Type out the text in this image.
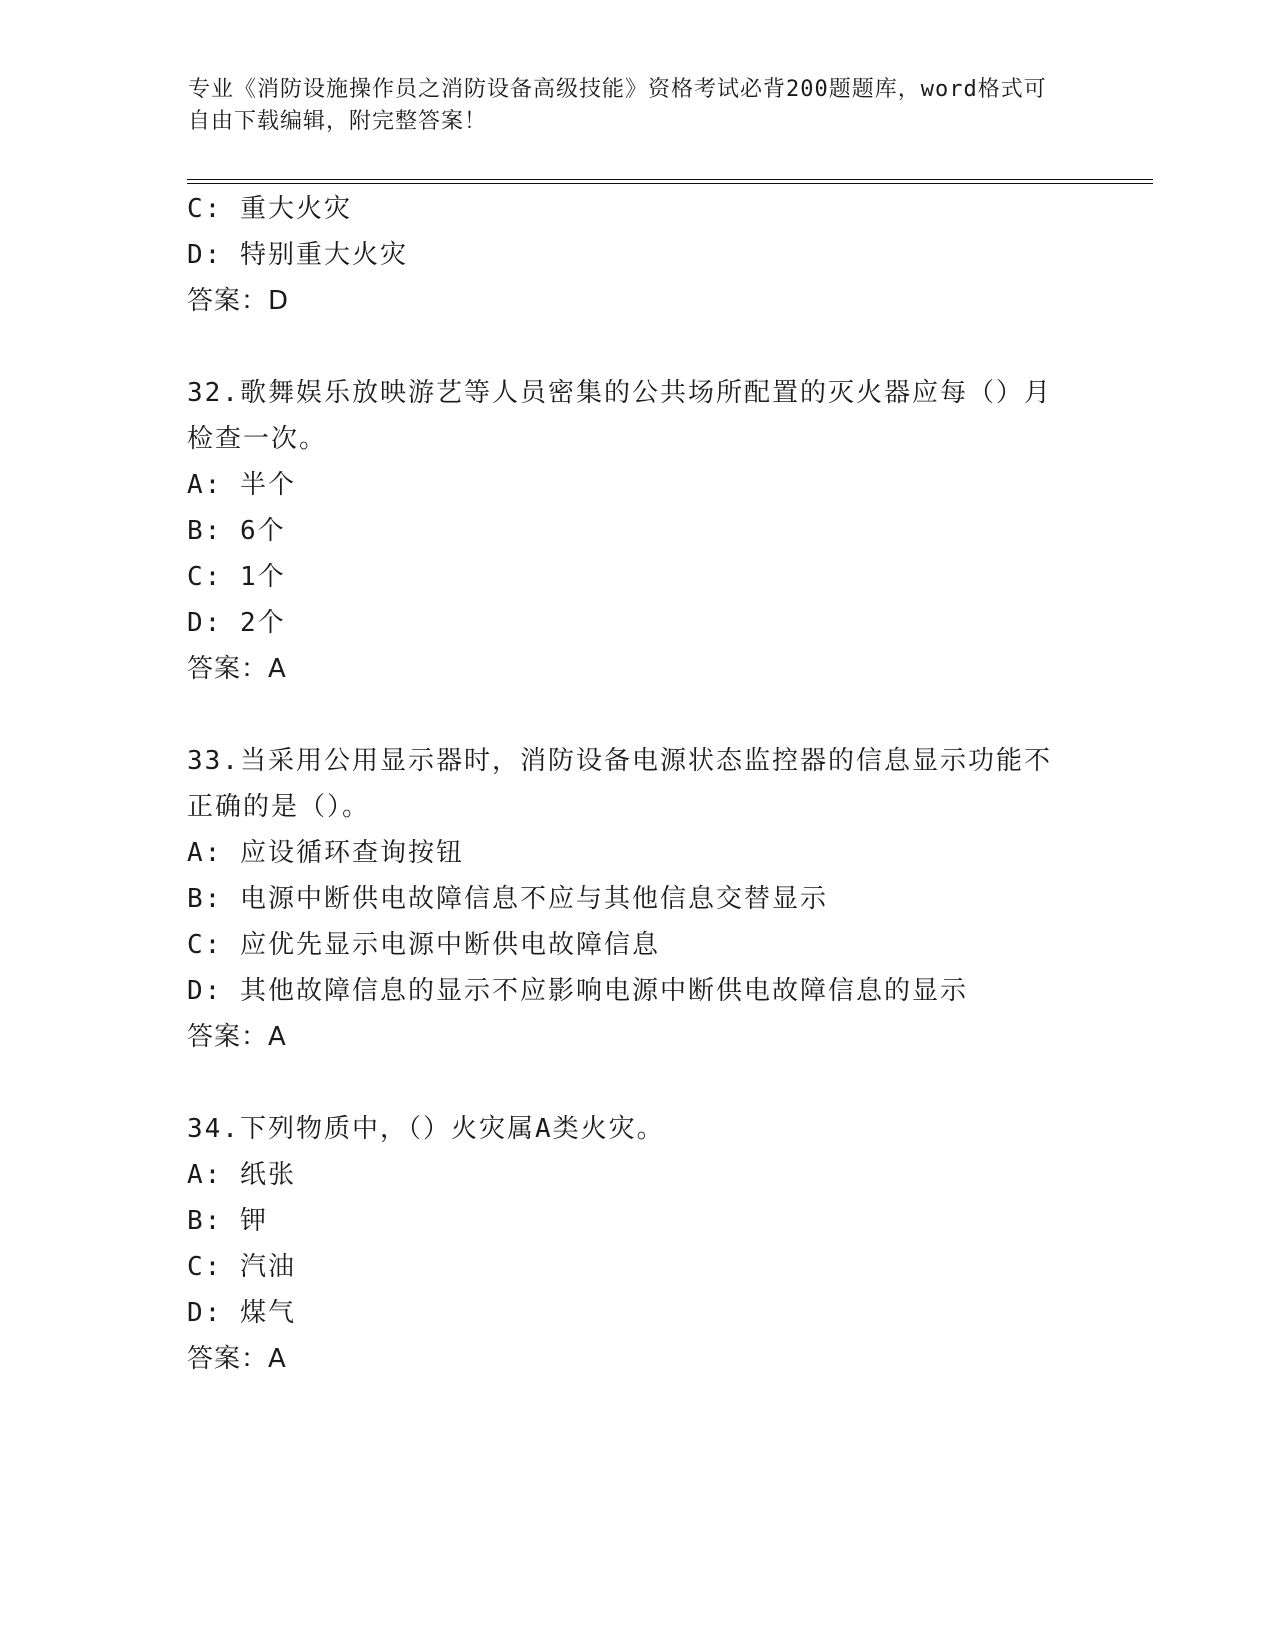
专业《消防设施操作员之消防设备高级技能》资格考试必背200题题库，word格式可自由下载编辑，附完整答案！
C: 重大火灾
D: 特别重大火灾
答案：D
32.歌舞娱乐放映游艺等人员密集的公共场所配置的灭火器应每（）月
检查一次。
A: 半个
B: 6个
C: 1个
D: 2个
答案：A
33.当采用公用显示器时，消防设备电源状态监控器的信息显示功能不
正确的是（）。
A: 应设循环查询按钮
B: 电源中断供电故障信息不应与其他信息交替显示
C: 应优先显示电源中断供电故障信息
D: 其他故障信息的显示不应影响电源中断供电故障信息的显示
答案：A
34.下列物质中，（）火灾属A类火灾。
A: 纸张
B: 钾
C: 汽油
D: 煤气
答案：A
